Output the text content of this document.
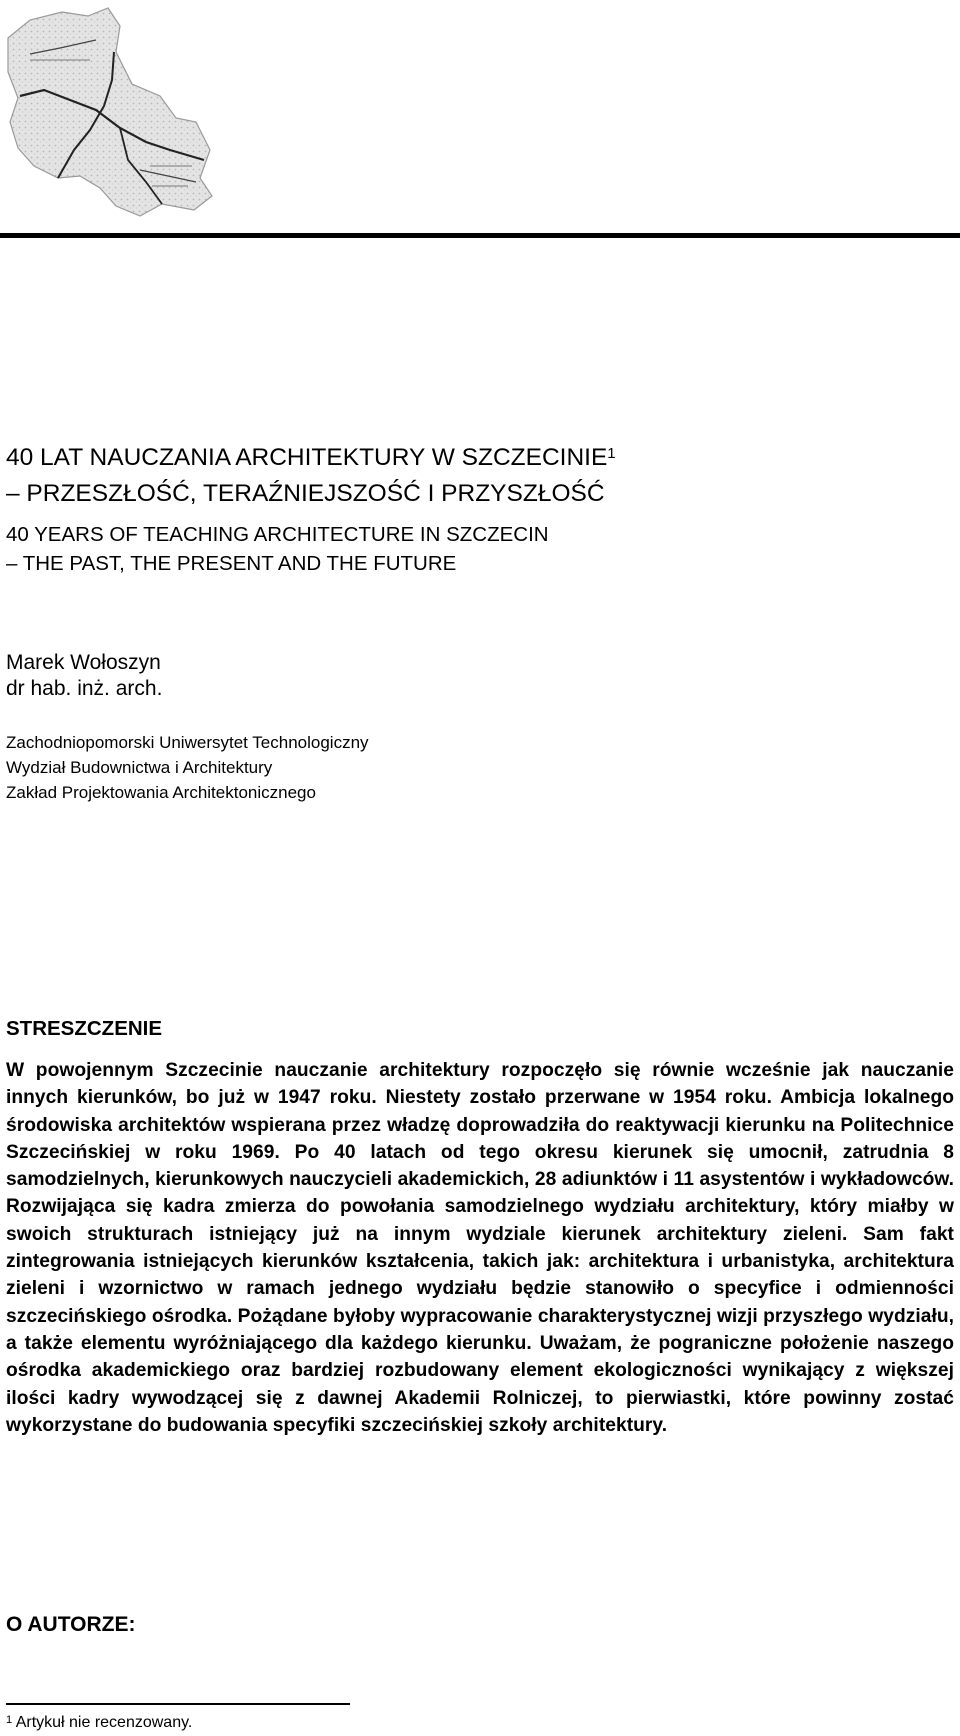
40 LAT NAUCZANIA ARCHITEKTURY W SZCZECINIE$^1$
– PRZESZŁOŚĆ, TERAŹNIEJSZOŚĆ I PRZYSZŁOŚĆ
40 YEARS OF TEACHING ARCHITECTURE IN SZCZECIN
– THE PAST, THE PRESENT AND THE FUTURE
Marek Wołoszyn
dr hab. inż. arch.
Zachodniopomorski Uniwersytet Technologiczny
Wydział Budownictwa i Architektury
Zakład Projektowania Architektonicznego
STRESZCZENIE

W powojennym Szczecinie nauczanie architektury rozpoczęło się równie wcześnie jak nauczanie innych kierunków, bo już w 1947 roku. Niestety zostało przerwane w 1954 roku. Ambicja lokalnego środowiska architektów wspierana przez władzę doprowadziła do reaktywacji kierunku na Politechnice Szczecińskiej w roku 1969. Po 40 latach od tego okresu kierunek się umocnił, zatrudnia 8 samodzielnych, kierunkowych nauczycieli akademickich, 28 adiunktów i 11 asystentów i wykładowców. Rozwijająca się kadra zmierza do powołania samodzielnego wydziału architektury, który miałby w swoich strukturach istniejący już na innym wydziale kierunek architektury zieleni. Sam fakt zintegrowania istniejących kierunków kształcenia, takich jak: architektura i urbanistyka, architektura zieleni i wzornictwo w ramach jednego wydziału będzie stanowiło o specyfice i odmienności szczecińskiego ośrodka. Pożądane byłoby wypracowanie charakterystycznej wizji przyszłego wydziału, a także elementu wyróżniającego dla każdego kierunku. Uważam, że pograniczne położenie naszego ośrodka akademickiego oraz bardziej rozbudowany element ekologiczności wynikający z większej ilości kadry wywodzącej się z dawnej Akademii Rolniczej, to pierwiastki, które powinny zostać wykorzystane do budowania specyfiki szczecińskiej szkoły architektury.

O AUTORZE:
$^1$ Artykuł nie recenzowany.
